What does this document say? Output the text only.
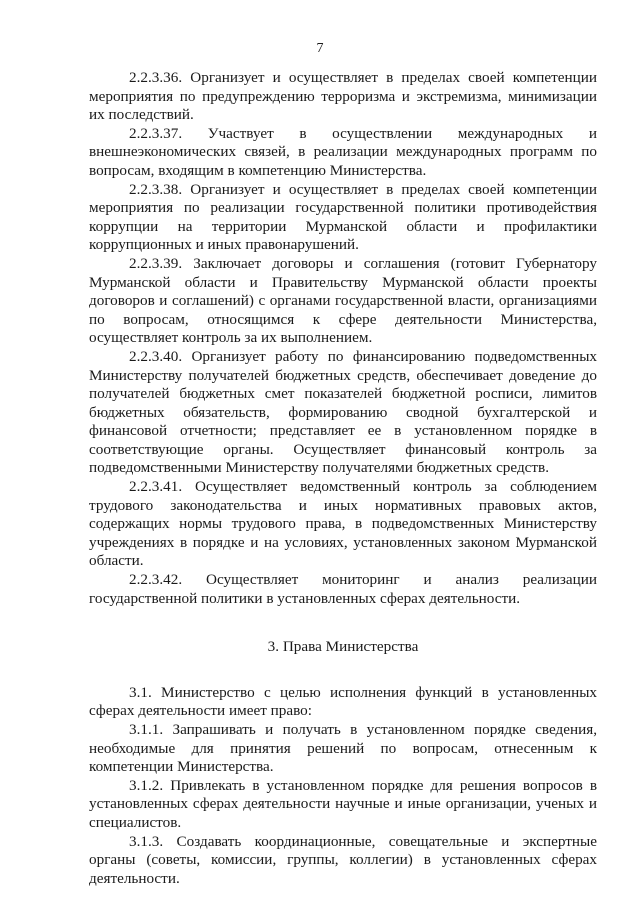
7

2.2.3.36. Организует и осуществляет в пределах своей компетенции мероприятия по предупреждению терроризма и экстремизма, минимизации их последствий.

2.2.3.37. Участвует в осуществлении международных и внешнеэкономических связей, в реализации международных программ по вопросам, входящим в компетенцию Министерства.

2.2.3.38. Организует и осуществляет в пределах своей компетенции мероприятия по реализации государственной политики противодействия коррупции на территории Мурманской области и профилактики коррупционных и иных правонарушений.

2.2.3.39. Заключает договоры и соглашения (готовит Губернатору Мурманской области и Правительству Мурманской области проекты договоров и соглашений) с органами государственной власти, организациями по вопросам, относящимся к сфере деятельности Министерства, осуществляет контроль за их выполнением.

2.2.3.40. Организует работу по финансированию подведомственных Министерству получателей бюджетных средств, обеспечивает доведение до получателей бюджетных смет показателей бюджетной росписи, лимитов бюджетных обязательств, формированию сводной бухгалтерской и финансовой отчетности; представляет ее в установленном порядке в соответствующие органы. Осуществляет финансовый контроль за подведомственными Министерству получателями бюджетных средств.

2.2.3.41. Осуществляет ведомственный контроль за соблюдением трудового законодательства и иных нормативных правовых актов, содержащих нормы трудового права, в подведомственных Министерству учреждениях в порядке и на условиях, установленных законом Мурманской области.

2.2.3.42. Осуществляет мониторинг и анализ реализации государственной политики в установленных сферах деятельности.

3. Права Министерства

3.1. Министерство с целью исполнения функций в установленных сферах деятельности имеет право:

3.1.1. Запрашивать и получать в установленном порядке сведения, необходимые для принятия решений по вопросам, отнесенным к компетенции Министерства.

3.1.2. Привлекать в установленном порядке для решения вопросов в установленных сферах деятельности научные и иные организации, ученых и специалистов.

3.1.3. Создавать координационные, совещательные и экспертные органы (советы, комиссии, группы, коллегии) в установленных сферах деятельности.
